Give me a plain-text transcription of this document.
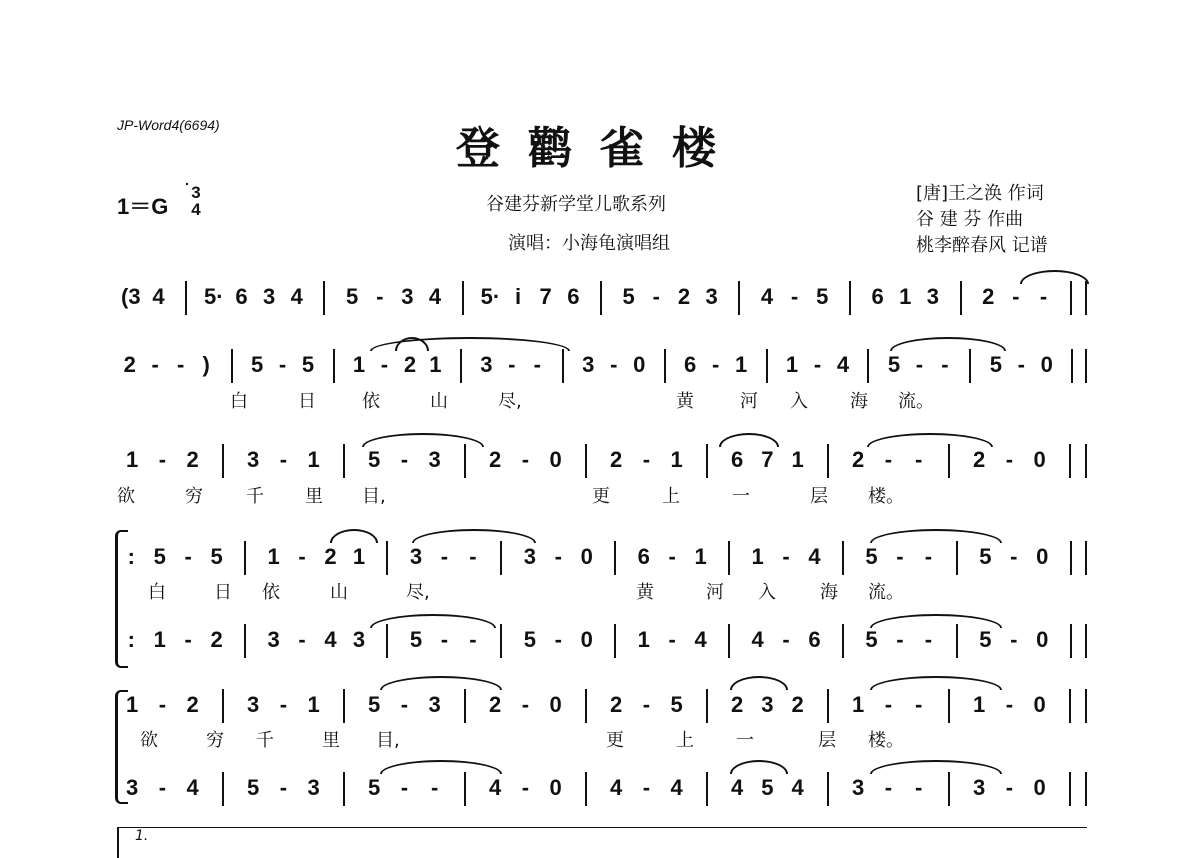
JP-Word4(6694)	登鹳雀楼
1＝G
3
4	谷建芬新学堂儿歌系列
演唱：小海龟演唱组
[唐]王之涣 作词
谷 建 芬 作曲
桃李醉春风 记谱
1.
(3 4 5· 6 3 4 5 - 3 4 5· i 7 6 5 - 2 3 4 - 5 6 1 3 2 - -
2 - - )	5 - 5 1 - 2 1 3 - -	3 - 0 6 - 1 1 - 4 5 - -	5 - 0
白	日	依	山	尽,	黄	河 入 海 流。
1 - 2 3 - 1 5 - 3 2 - 0 2 - 1 6 7 1 2 -	-	2 - 0
欲	穷 千 里 目,	更	上	一	层 楼。
: 5 - 5 1 - 2 1 3 - -	3 - 0 6 - 1 1 - 4 5 - -	5 - 0
白	日 依	山	尽,	黄	河 入 海 流。
: 1 - 2 3 - 4 3 5 - -	5 - 0 1 - 4 4 - 6 5 - -	5 - 0
1 - 2 3 - 1 5 - 3 2 - 0 2 - 5 2 3 2 1 -	-	1 - 0
欲	穷 千	里 目,	更	上 一	层 楼。
3 - 4 5 - 3 5 -	-	4 - 0 4 - 4 4 5 4 3 -	-	3 - 0
